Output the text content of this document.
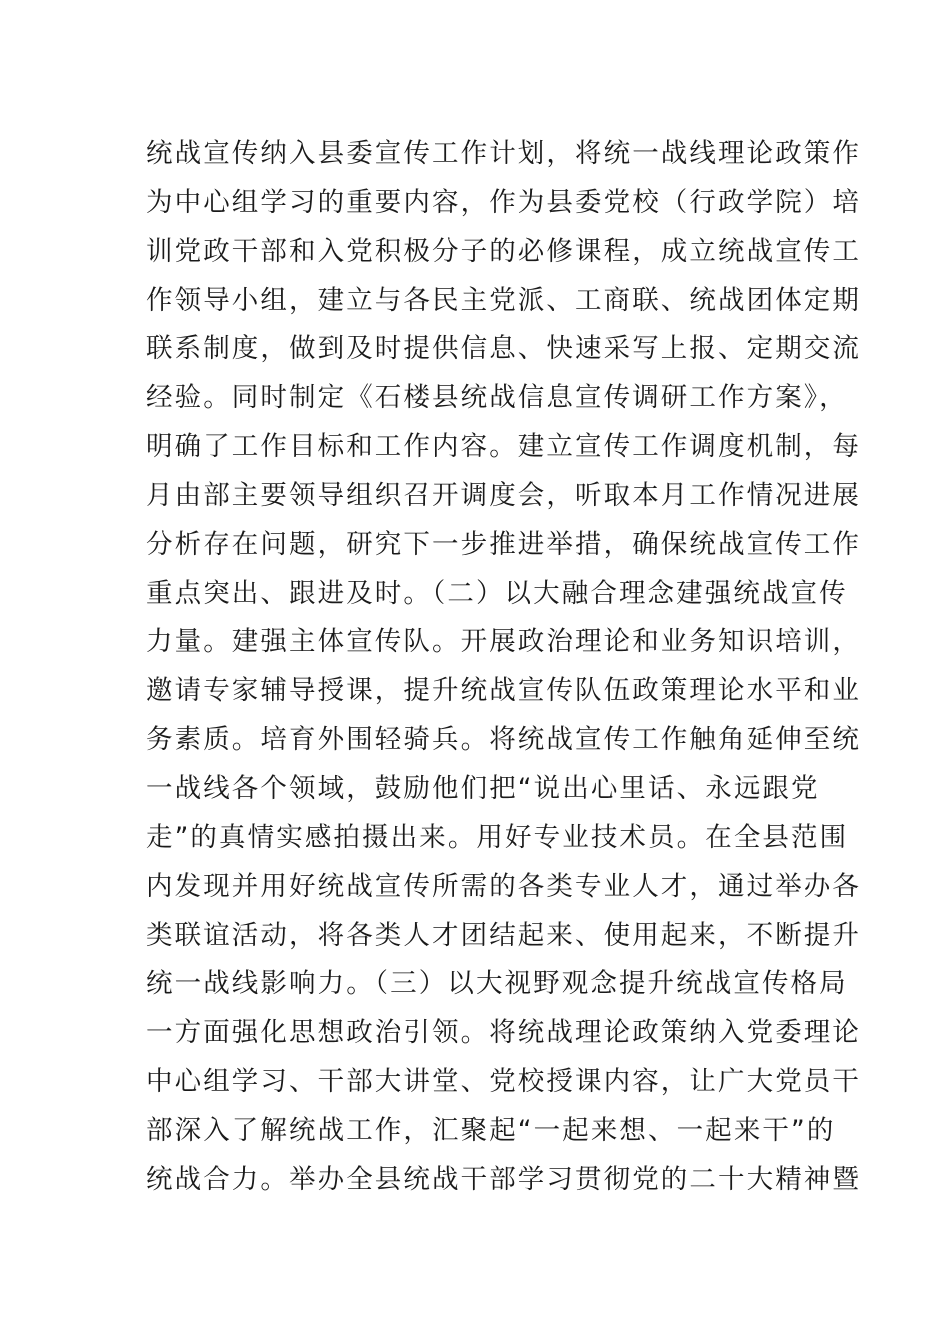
统战宣传纳入县委宣传工作计划，将统一战线理论政策作
为中心组学习的重要内容，作为县委党校（行政学院）培
训党政干部和入党积极分子的必修课程，成立统战宣传工
作领导小组，建立与各民主党派、工商联、统战团体定期
联系制度，做到及时提供信息、快速采写上报、定期交流
经验。同时制定《石楼县统战信息宣传调研工作方案》，
明确了工作目标和工作内容。建立宣传工作调度机制，每
月由部主要领导组织召开调度会，听取本月工作情况进展
分析存在问题，研究下一步推进举措，确保统战宣传工作
重点突出、跟进及时。（二）以大融合理念建强统战宣传
力量。建强主体宣传队。开展政治理论和业务知识培训，
邀请专家辅导授课，提升统战宣传队伍政策理论水平和业
务素质。培育外围轻骑兵。将统战宣传工作触角延伸至统
一战线各个领域，鼓励他们把“说出心里话、永远跟党
走”的真情实感拍摄出来。用好专业技术员。在全县范围
内发现并用好统战宣传所需的各类专业人才，通过举办各
类联谊活动，将各类人才团结起来、使用起来，不断提升
统一战线影响力。（三）以大视野观念提升统战宣传格局
一方面强化思想政治引领。将统战理论政策纳入党委理论
中心组学习、干部大讲堂、党校授课内容，让广大党员干
部深入了解统战工作，汇聚起“一起来想、一起来干”的
统战合力。举办全县统战干部学习贯彻党的二十大精神暨
